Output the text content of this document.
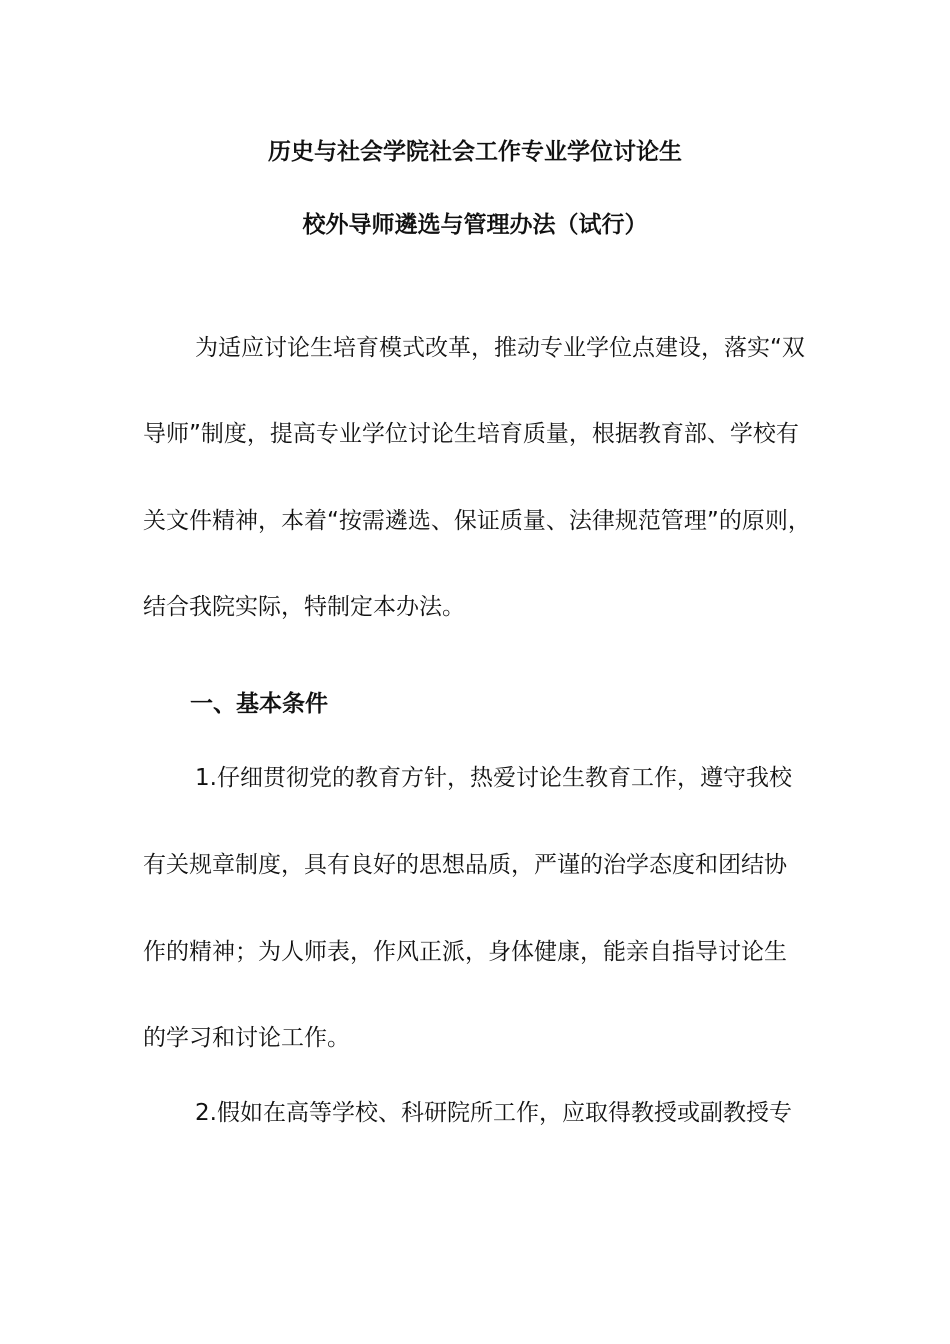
历史与社会学院社会工作专业学位讨论生
校外导师遴选与管理办法（试行）
为适应讨论生培育模式改革，推动专业学位点建设，落实“双
导师”制度，提高专业学位讨论生培育质量，根据教育部、学校有
关文件精神，本着“按需遴选、保证质量、法律规范管理”的原则，
结合我院实际，特制定本办法。
一、基本条件
1.仔细贯彻党的教育方针，热爱讨论生教育工作，遵守我校
有关规章制度，具有良好的思想品质，严谨的治学态度和团结协
作的精神；为人师表，作风正派，身体健康，能亲自指导讨论生
的学习和讨论工作。
2.假如在高等学校、科研院所工作，应取得教授或副教授专
